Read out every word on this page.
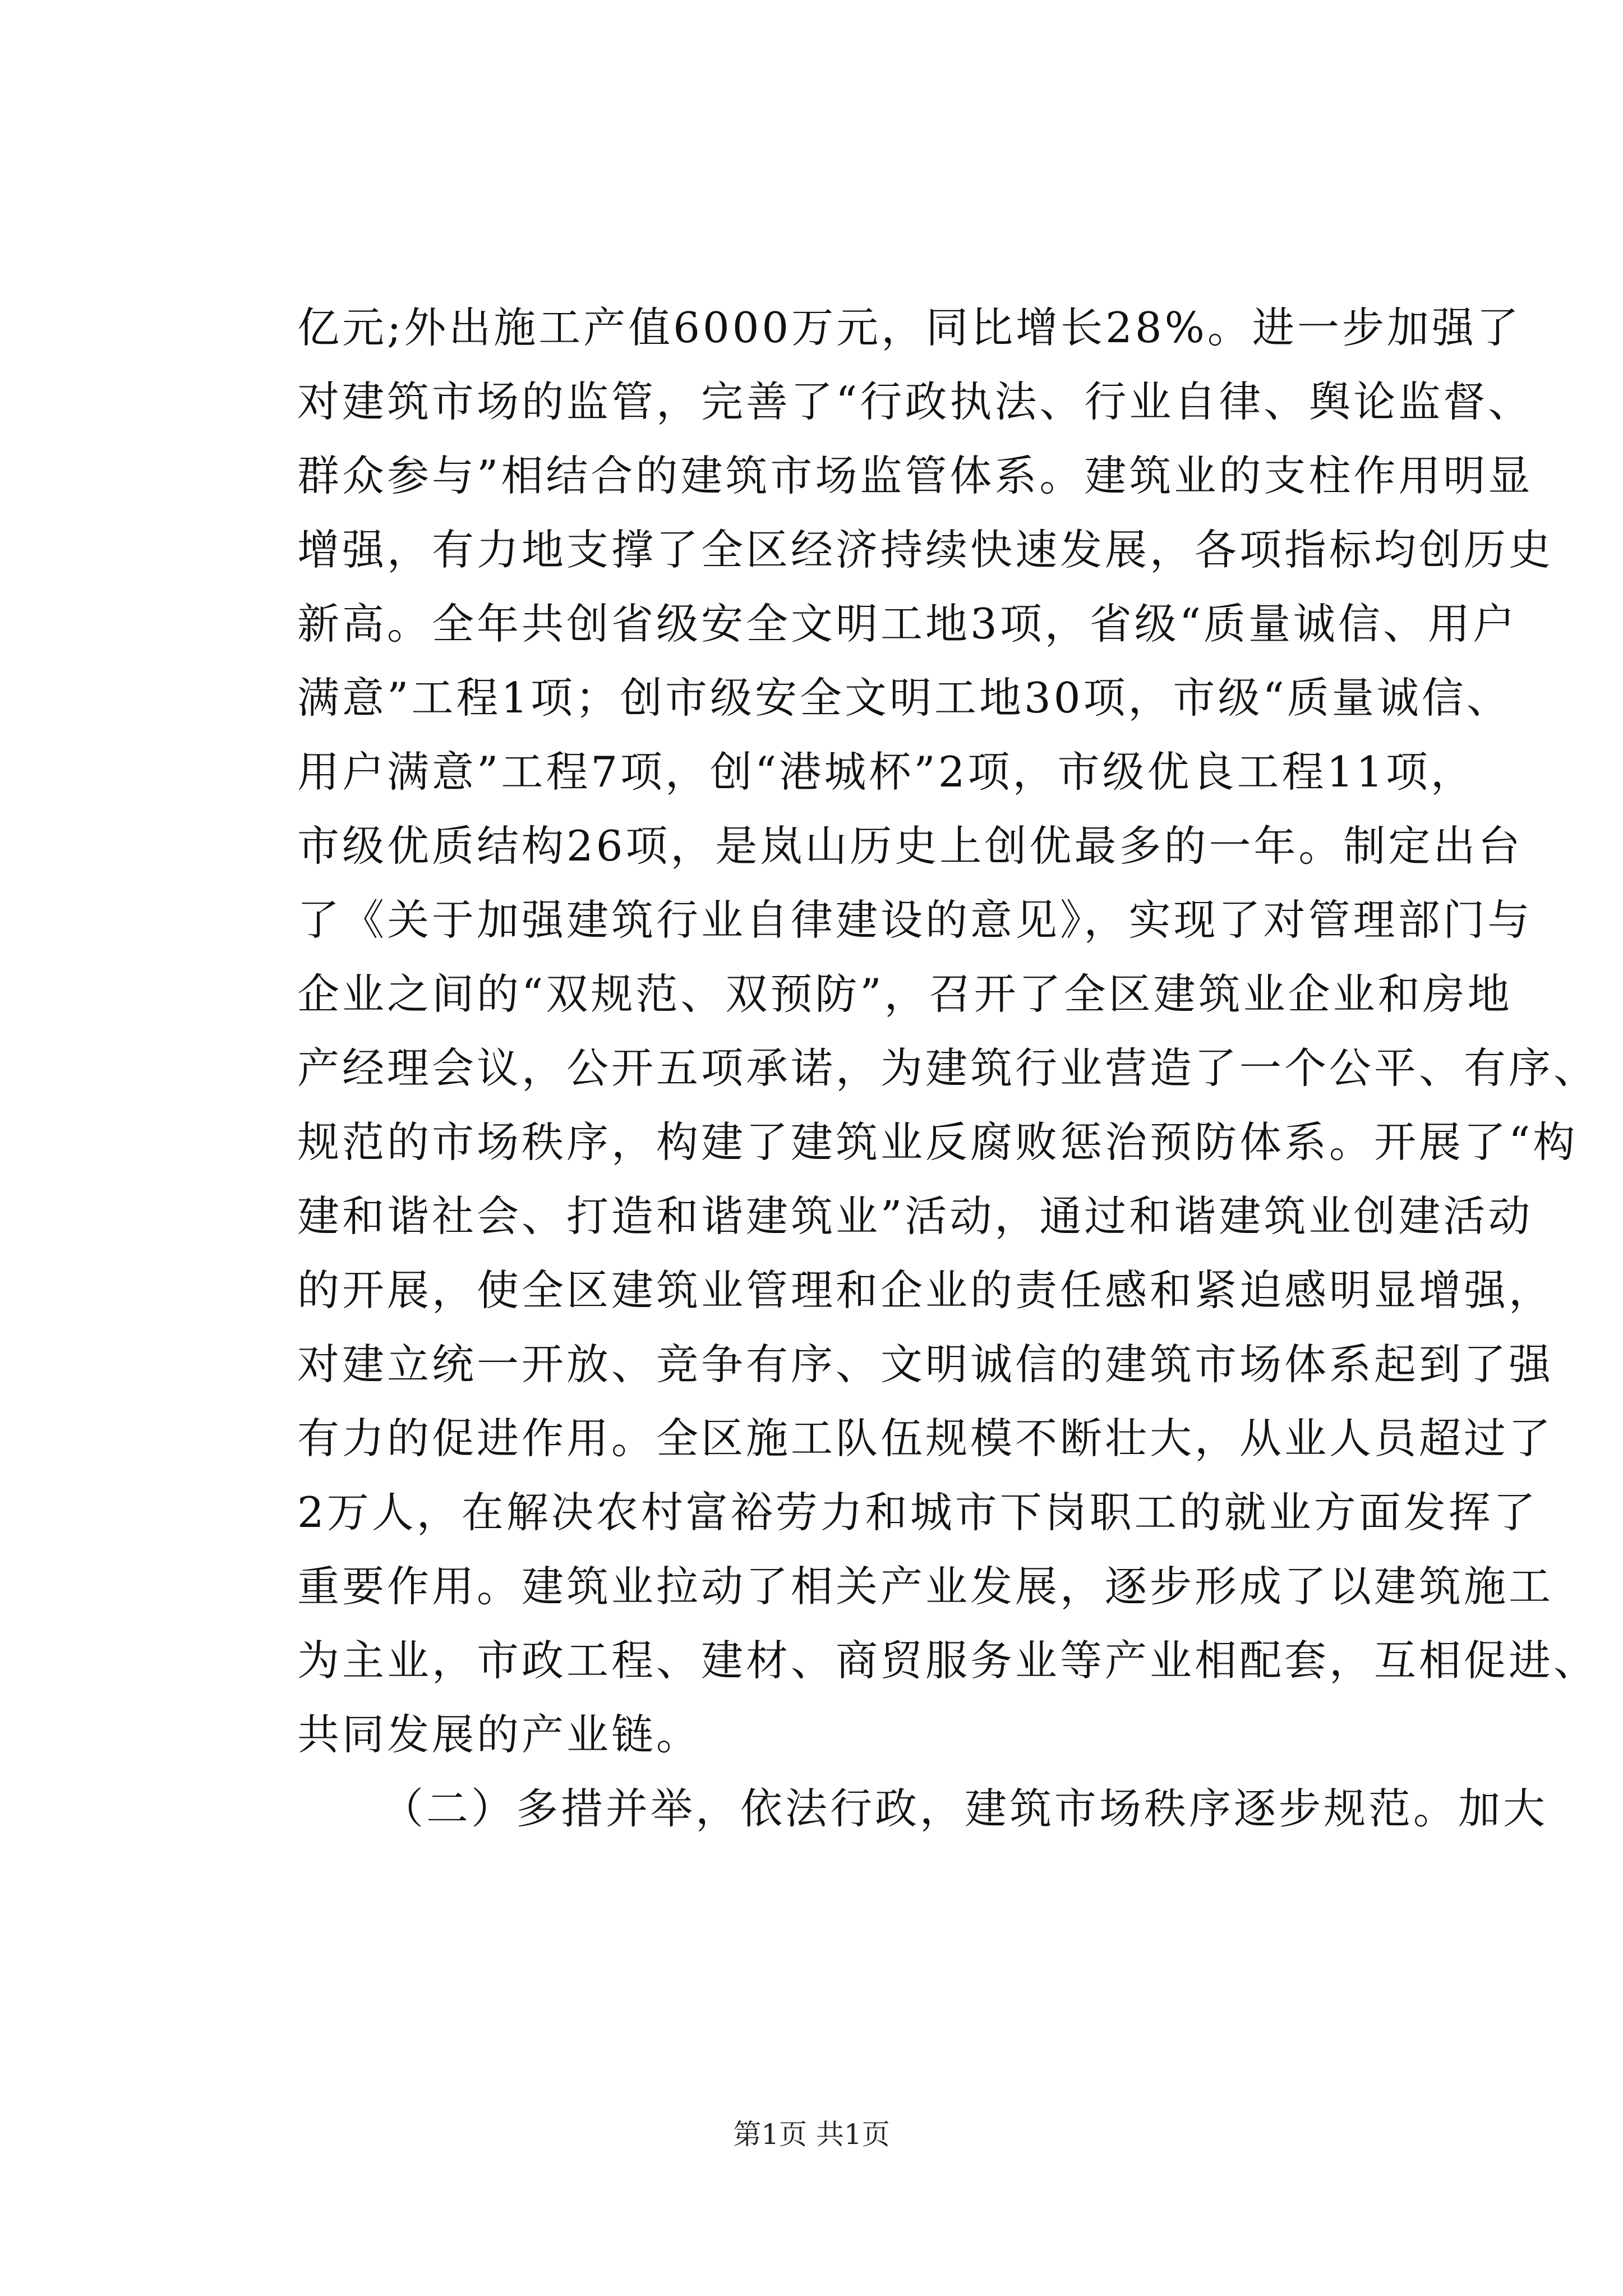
亿元;外出施工产值6000万元，同比增长28%。进一步加强了
对建筑市场的监管，完善了“行政执法、行业自律、舆论监督、
群众参与”相结合的建筑市场监管体系。建筑业的支柱作用明显
增强，有力地支撑了全区经济持续快速发展，各项指标均创历史
新高。全年共创省级安全文明工地3项，省级“质量诚信、用户
满意”工程1项；创市级安全文明工地30项，市级“质量诚信、
用户满意”工程7项，创“港城杯”2项，市级优良工程11项，
市级优质结构26项，是岚山历史上创优最多的一年。制定出台
了《关于加强建筑行业自律建设的意见》，实现了对管理部门与
企业之间的“双规范、双预防”，召开了全区建筑业企业和房地
产经理会议，公开五项承诺，为建筑行业营造了一个公平、有序、
规范的市场秩序，构建了建筑业反腐败惩治预防体系。开展了“构
建和谐社会、打造和谐建筑业”活动，通过和谐建筑业创建活动
的开展，使全区建筑业管理和企业的责任感和紧迫感明显增强，
对建立统一开放、竞争有序、文明诚信的建筑市场体系起到了强
有力的促进作用。全区施工队伍规模不断壮大，从业人员超过了
2万人，在解决农村富裕劳力和城市下岗职工的就业方面发挥了
重要作用。建筑业拉动了相关产业发展，逐步形成了以建筑施工
为主业，市政工程、建材、商贸服务业等产业相配套，互相促进、
共同发展的产业链。
（二）多措并举，依法行政，建筑市场秩序逐步规范。加大
第1页 共1页
